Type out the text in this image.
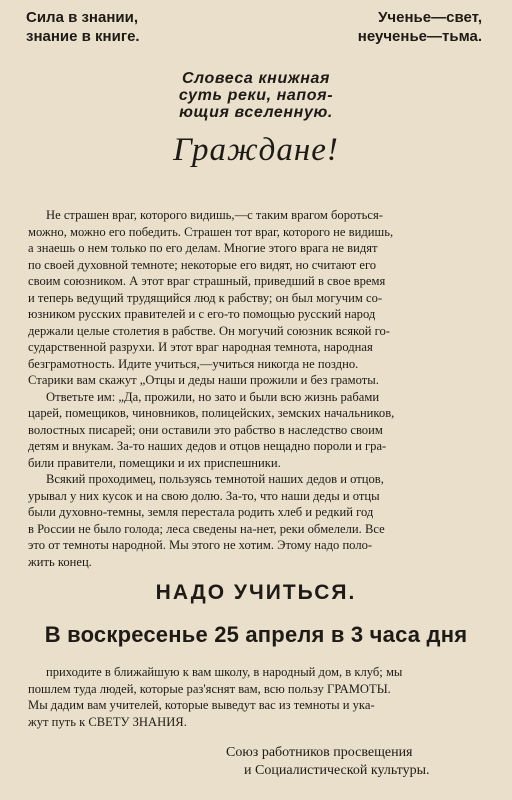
Сила в знании,
знание в книге.
Ученье—свет,
неученье—тьма.
Словеса книжная
суть реки, напоя-
ющия вселенную.
Граждане!
Не страшен враг, которого видишь,—с таким врагом бороться-
можно, можно его победить. Страшен тот враг, которого не видишь,
а знаешь о нем только по его делам. Многие этого врага не видят
по своей духовной темноте; некоторые его видят, но считают его
своим союзником. А этот враг страшный, приведший в свое время
и теперь ведущий трудящийся люд к рабству; он был могучим со-
юзником русских правителей и с его-то помощью русский народ
держали целые столетия в рабстве. Он могучий союзник всякой го-
сударственной разрухи. И этот враг народная темнота, народная
безграмотность. Идите учиться,—учиться никогда не поздно.
Старики вам скажут „Отцы и деды наши прожили и без грамоты.
Ответьте им: „Да, прожили, но зато и были всю жизнь рабами
царей, помещиков, чиновников, полицейских, земских начальников,
волостных писарей; они оставили это рабство в наследство своим
детям и внукам. За-то наших дедов и отцов нещадно пороли и гра-
били правители, помещики и их приспешники.
Всякий проходимец, пользуясь темнотой наших дедов и отцов,
урывал у них кусок и на свою долю. За-то, что наши деды и отцы
были духовно-темны, земля перестала родить хлеб и редкий год
в России не было голода; леса сведены на-нет, реки обмелели. Все
это от темноты народной. Мы этого не хотим. Этому надо поло-
жить конец.
НАДО УЧИТЬСЯ.
В воскресенье 25 апреля в 3 часа дня
приходите в ближайшую к вам школу, в народный дом, в клуб; мы
пошлем туда людей, которые раз'яснят вам, всю пользу ГРАМОТЫ.
Мы дадим вам учителей, которые выведут вас из темноты и ука-
жут путь к СВЕТУ ЗНАНИЯ.
Союз работников просвещения
и Социалистической культуры.
